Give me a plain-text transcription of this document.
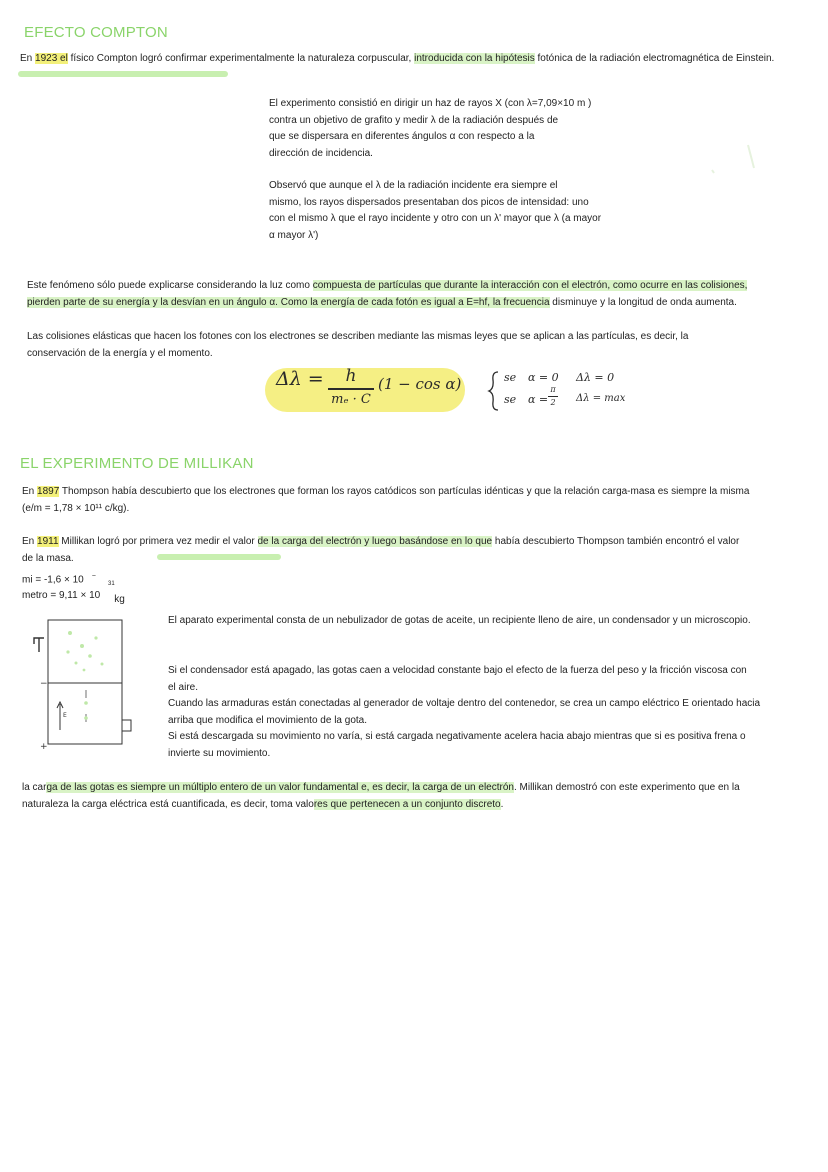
EFECTO COMPTON

En 1923 el físico Compton logró confirmar experimentalmente la naturaleza corpuscular, introducida con la hipótesis fotónica de la radiación electromagnética de Einstein.

El experimento consistió en dirigir un haz de rayos X (con λ=7,09×10 m )
contra un objetivo de grafito y medir λ de la radiación después de
que se dispersara en diferentes ángulos α con respecto a la
dirección de incidencia.
Observó que aunque el λ de la radiación incidente era siempre el
mismo, los rayos dispersados presentaban dos picos de intensidad: uno
con el mismo λ que el rayo incidente y otro con un λ' mayor que λ (a mayor
α mayor λ')
Este fenómeno sólo puede explicarse considerando la luz como compuesta de partículas que durante la interacción con el electrón, como ocurre en las colisiones,
pierden parte de su energía y la desvían en un ángulo α. Como la energía de cada fotón es igual a E=hf, la frecuencia disminuye y la longitud de onda aumenta.
Las colisiones elásticas que hacen los fotones con los electrones se describen mediante las mismas leyes que se aplican a las partículas, es decir, la
conservación de la energía y el momento.
Δλ =	h
mₑ · C
(1 − cos α)	se α = 0 Δλ = 0
se α =
π
2 Δλ = max
EL EXPERIMENTO DE MILLIKAN
En 1897 Thompson había descubierto que los electrones que forman los rayos catódicos son partículas idénticas y que la relación carga-masa es siempre la misma
(e/m = 1,78 × 10¹¹ c/kg).
En 1911 Millikan logró por primera vez medir el valor de la carga del electrón y luego basándose en lo que había descubierto Thompson también encontró el valor
de la masa.
mi = -1,6 × 10 −
metro = 9,11 × 10 kg
31
E
−
+
El aparato experimental consta de un nebulizador de gotas de aceite, un recipiente lleno de aire, un condensador y un microscopio.
Si el condensador está apagado, las gotas caen a velocidad constante bajo el efecto de la fuerza del peso y la fricción viscosa con
el aire.
Cuando las armaduras están conectadas al generador de voltaje dentro del contenedor, se crea un campo eléctrico E orientado hacia
arriba que modifica el movimiento de la gota.
Si está descargada su movimiento no varía, si está cargada negativamente acelera hacia abajo mientras que si es positiva frena o
invierte su movimiento.
la carga de las gotas es siempre un múltiplo entero de un valor fundamental e, es decir, la carga de un electrón. Millikan demostró con este experimento que en la
naturaleza la carga eléctrica está cuantificada, es decir, toma valores que pertenecen a un conjunto discreto.
